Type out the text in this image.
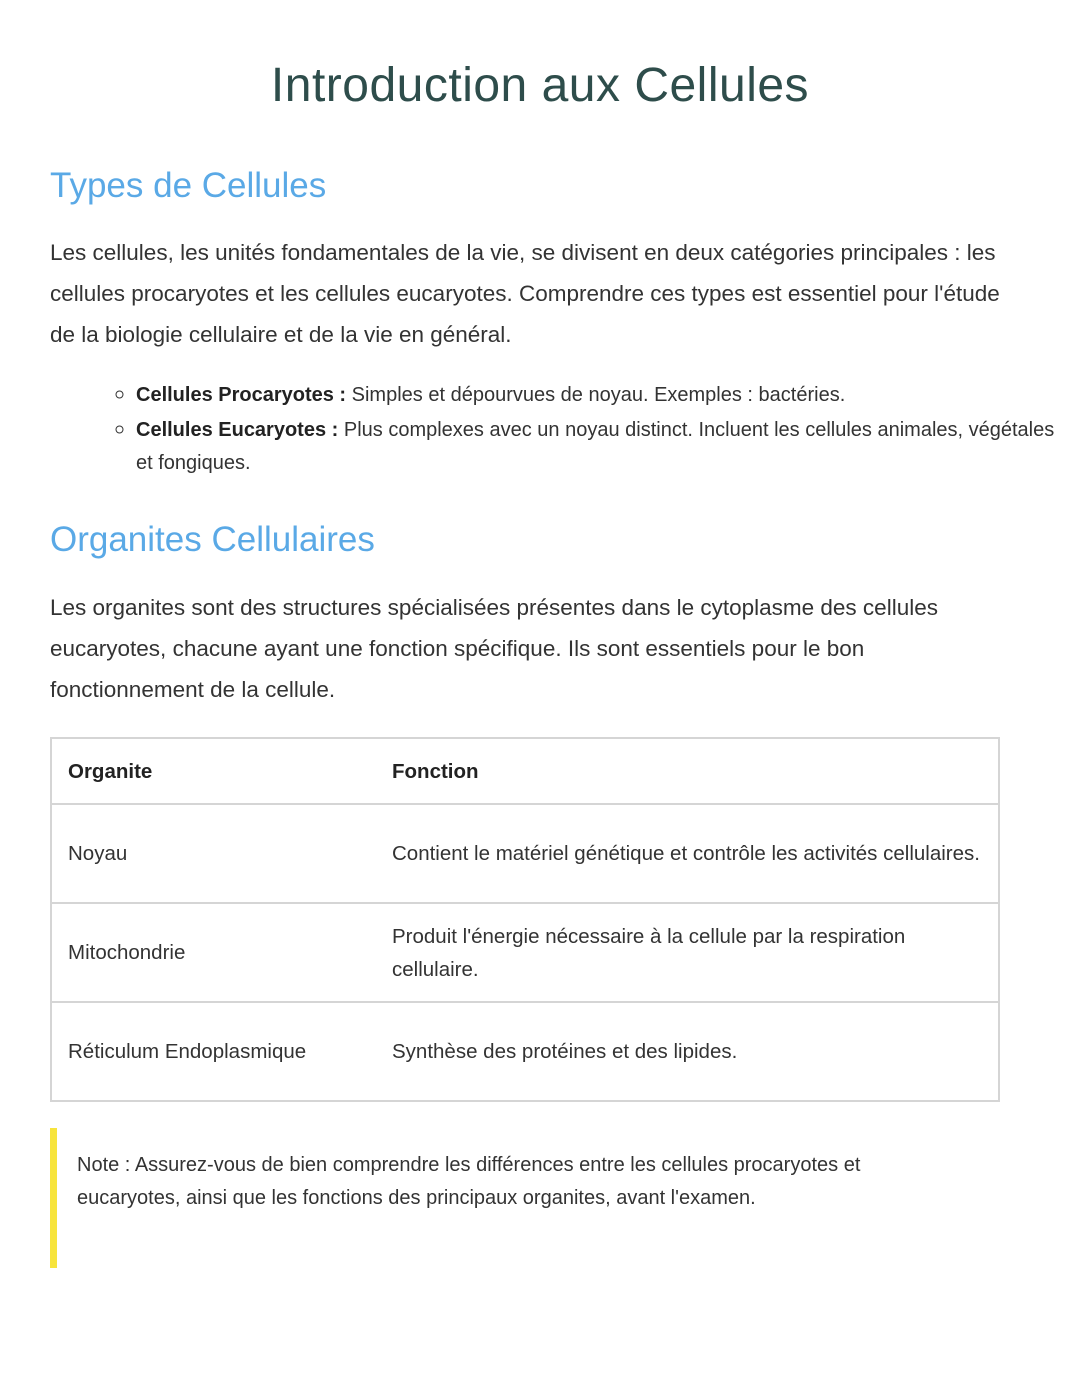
Introduction aux Cellules
Types de Cellules

Les cellules, les unités fondamentales de la vie, se divisent en deux catégories principales : les cellules procaryotes et les cellules eucaryotes. Comprendre ces types est essentiel pour l'étude de la biologie cellulaire et de la vie en général.

◦ Cellules Procaryotes : Simples et dépourvues de noyau. Exemples : bactéries.
◦ Cellules Eucaryotes : Plus complexes avec un noyau distinct. Incluent les cellules animales, végétales et fongiques.
Organites Cellulaires

Les organites sont des structures spécialisées présentes dans le cytoplasme des cellules eucaryotes, chacune ayant une fonction spécifique. Ils sont essentiels pour le bon fonctionnement de la cellule.

Organite	Fonction
Noyau	Contient le matériel génétique et contrôle les activités cellulaires.
Mitochondrie	Produit l'énergie nécessaire à la cellule par la respiration cellulaire.
Réticulum Endoplasmique	Synthèse des protéines et des lipides.
Note : Assurez-vous de bien comprendre les différences entre les cellules procaryotes et eucaryotes, ainsi que les fonctions des principaux organites, avant l'examen.
